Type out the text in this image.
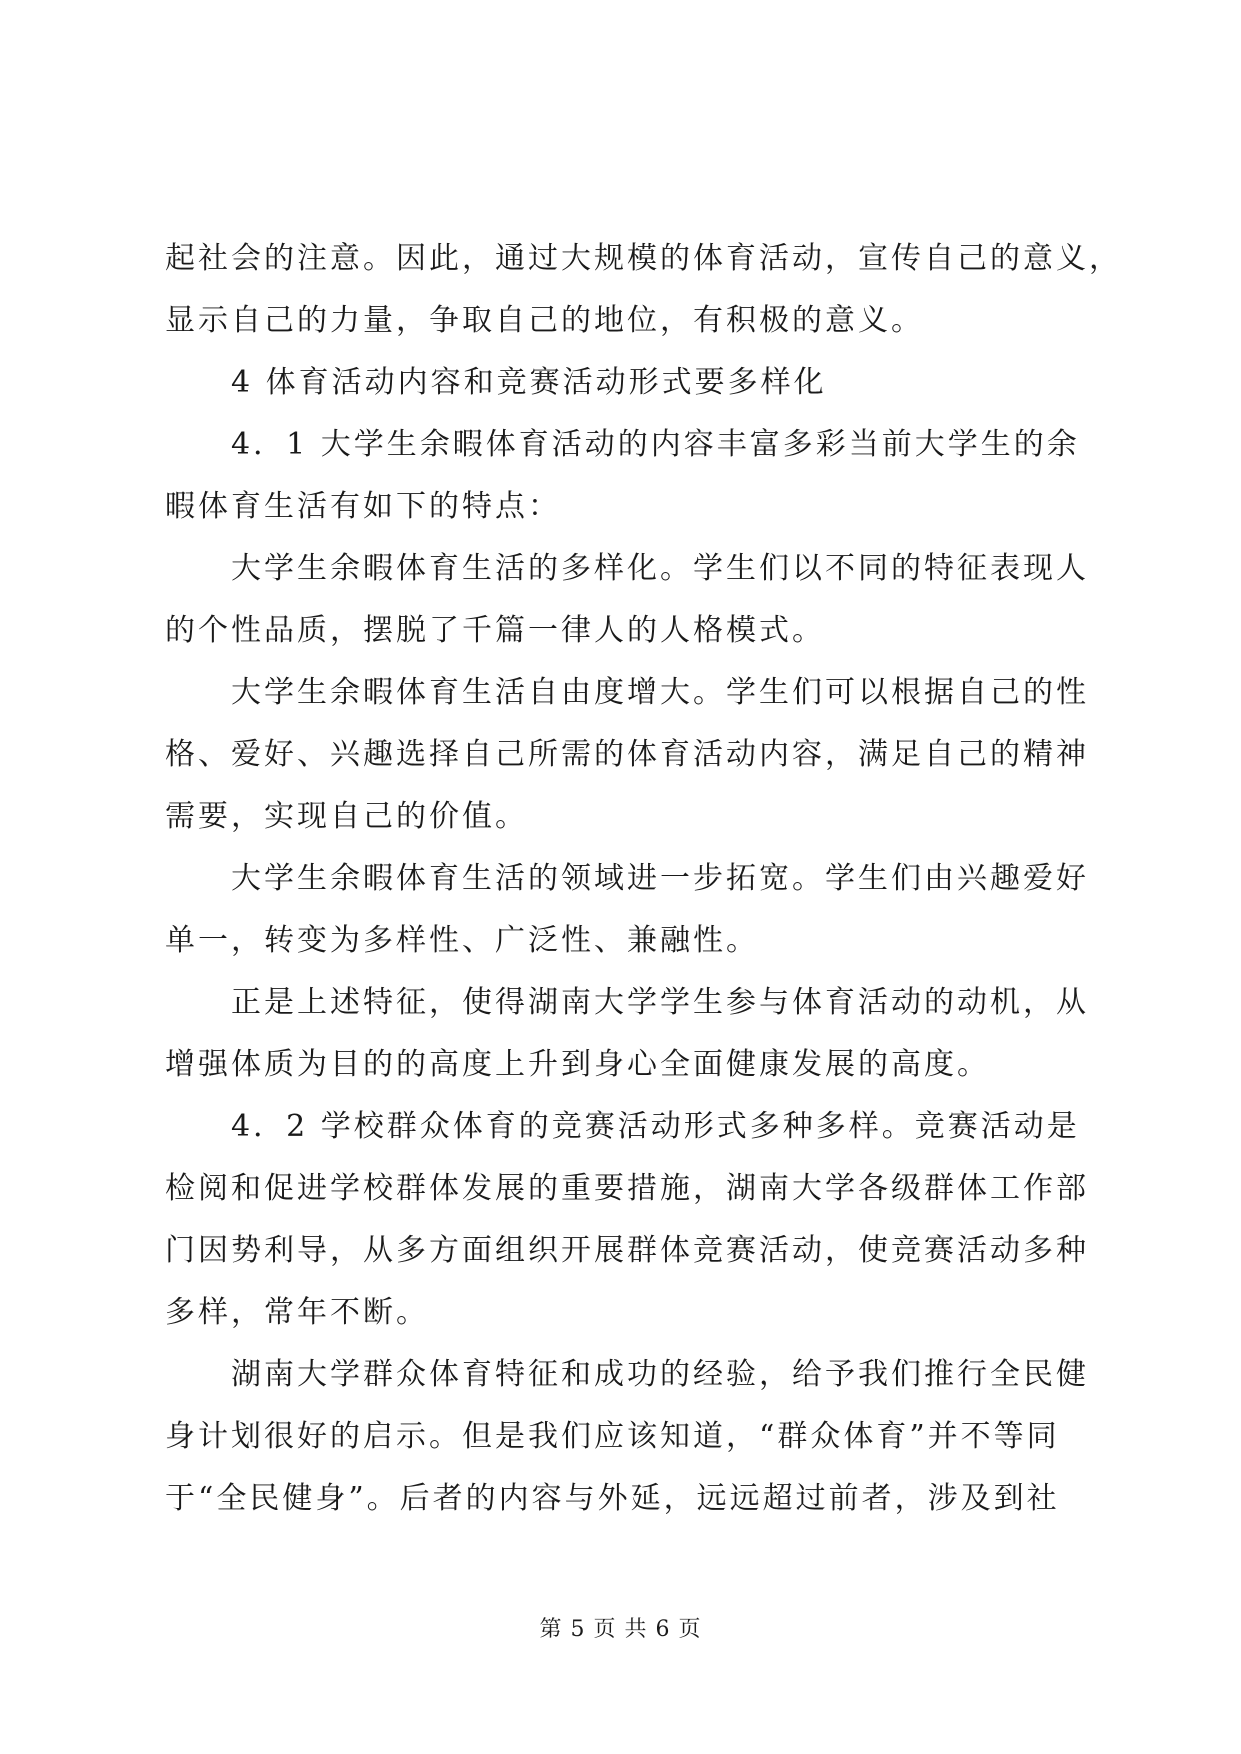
起社会的注意。因此，通过大规模的体育活动，宣传自己的意义，
显示自己的力量，争取自己的地位，有积极的意义。
4 体育活动内容和竞赛活动形式要多样化
4．1 大学生余暇体育活动的内容丰富多彩当前大学生的余
暇体育生活有如下的特点：
大学生余暇体育生活的多样化。学生们以不同的特征表现人
的个性品质，摆脱了千篇一律人的人格模式。
大学生余暇体育生活自由度增大。学生们可以根据自己的性
格、爱好、兴趣选择自己所需的体育活动内容，满足自己的精神
需要，实现自己的价值。
大学生余暇体育生活的领域进一步拓宽。学生们由兴趣爱好
单一，转变为多样性、广泛性、兼融性。
正是上述特征，使得湖南大学学生参与体育活动的动机，从
增强体质为目的的高度上升到身心全面健康发展的高度。
4．2 学校群众体育的竞赛活动形式多种多样。竞赛活动是
检阅和促进学校群体发展的重要措施，湖南大学各级群体工作部
门因势利导，从多方面组织开展群体竞赛活动，使竞赛活动多种
多样，常年不断。
湖南大学群众体育特征和成功的经验，给予我们推行全民健
身计划很好的启示。但是我们应该知道，“群众体育”并不等同
于“全民健身”。后者的内容与外延，远远超过前者，涉及到社
第 5 页 共 6 页
